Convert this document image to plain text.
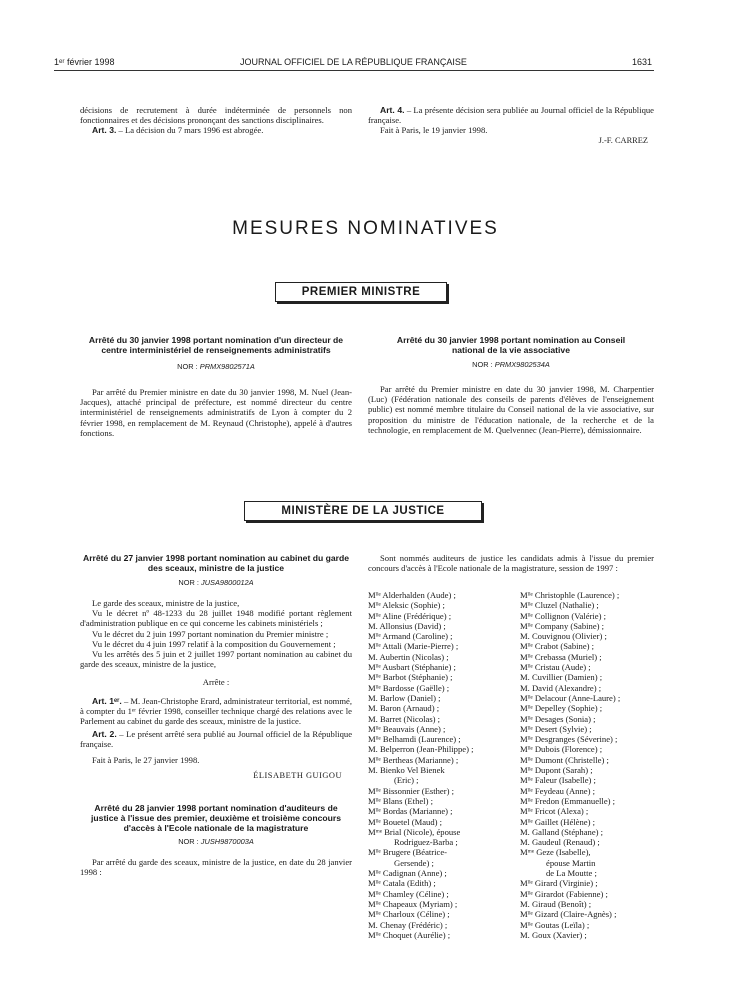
1ᵉʳ février 1998	JOURNAL OFFICIEL DE LA RÉPUBLIQUE FRANÇAISE	1631

décisions de recrutement à durée indéterminée de personnels non fonctionnaires et des décisions prononçant des sanctions disciplinaires.

Art. 3. – La décision du 7 mars 1996 est abrogée.

Art. 4. – La présente décision sera publiée au Journal officiel de la République française.

Fait à Paris, le 19 janvier 1998.

J.-F. CARREZ
MESURES NOMINATIVES
PREMIER MINISTRE

Arrêté du 30 janvier 1998 portant nomination d'un directeur de centre interministériel de renseignements administratifs

NOR : PRMX9802571A

Par arrêté du Premier ministre en date du 30 janvier 1998, M. Nuel (Jean-Jacques), attaché principal de préfecture, est nommé directeur du centre interministériel de renseignements administratifs de Lyon à compter du 2 février 1998, en remplacement de M. Reynaud (Christophe), appelé à d'autres fonctions.

Arrêté du 30 janvier 1998 portant nomination au Conseil national de la vie associative

NOR : PRMX9802534A

Par arrêté du Premier ministre en date du 30 janvier 1998, M. Charpentier (Luc) (Fédération nationale des conseils de parents d'élèves de l'enseignement public) est nommé membre titulaire du Conseil national de la vie associative, sur proposition du ministre de l'éducation nationale, de la recherche et de la technologie, en remplacement de M. Quelvennec (Jean-Pierre), démissionnaire.

MINISTÈRE DE LA JUSTICE

Arrêté du 27 janvier 1998 portant nomination au cabinet du garde des sceaux, ministre de la justice

NOR : JUSA9800012A

Le garde des sceaux, ministre de la justice,

Vu le décret nº 48-1233 du 28 juillet 1948 modifié portant règlement d'administration publique en ce qui concerne les cabinets ministériels ;

Vu le décret du 2 juin 1997 portant nomination du Premier ministre ;

Vu le décret du 4 juin 1997 relatif à la composition du Gouvernement ;

Vu les arrêtés des 5 juin et 2 juillet 1997 portant nomination au cabinet du garde des sceaux, ministre de la justice,

Arrête :

Art. 1ᵉʳ. – M. Jean-Christophe Erard, administrateur territorial, est nommé, à compter du 1ᵉʳ février 1998, conseiller technique chargé des relations avec le Parlement au cabinet du garde des sceaux, ministre de la justice.

Art. 2. – Le présent arrêté sera publié au Journal officiel de la République française.

Fait à Paris, le 27 janvier 1998.

ÉLISABETH GUIGOU

Arrêté du 28 janvier 1998 portant nomination d'auditeurs de justice à l'issue des premier, deuxième et troisième concours d'accès à l'Ecole nationale de la magistrature

NOR : JUSH9870003A

Par arrêté du garde des sceaux, ministre de la justice, en date du 28 janvier 1998 :

Sont nommés auditeurs de justice les candidats admis à l'issue du premier concours d'accès à l'Ecole nationale de la magistrature, session de 1997 :

Mˡˡᵉ Alderhalden (Aude) ;
Mˡˡᵉ Aleksic (Sophie) ;
Mˡˡᵉ Aline (Frédérique) ;
M. Allonsius (David) ;
Mˡˡᵉ Armand (Caroline) ;
Mˡˡᵉ Attali (Marie-Pierre) ;
M. Aubertin (Nicolas) ;
Mˡˡᵉ Ausbart (Stéphanie) ;
Mˡˡᵉ Barbot (Stéphanie) ;
Mˡˡᵉ Bardosse (Gaëlle) ;
M. Barlow (Daniel) ;
M. Baron (Arnaud) ;
M. Barret (Nicolas) ;
Mˡˡᵉ Beauvais (Anne) ;
Mˡˡᵉ Belhamdi (Laurence) ;
M. Belperron (Jean-Philippe) ;
Mˡˡᵉ Bertheas (Marianne) ;
M. Bienko Vel Bienek
(Eric) ;
Mˡˡᵉ Bissonnier (Esther) ;
Mˡˡᵉ Blans (Ethel) ;
Mˡˡᵉ Bordas (Marianne) ;
Mˡˡᵉ Bouetel (Maud) ;
Mᵐᵉ Brial (Nicole), épouse
Rodriguez-Barba ;
Mˡˡᵉ Brugere (Béatrice-
Gersende) ;
Mˡˡᵉ Cadignan (Anne) ;
Mˡˡᵉ Catala (Edith) ;
Mˡˡᵉ Chamley (Céline) ;
Mˡˡᵉ Chapeaux (Myriam) ;
Mˡˡᵉ Charloux (Céline) ;
M. Chenay (Frédéric) ;
Mˡˡᵉ Choquet (Aurélie) ;
Mˡˡᵉ Christophle (Laurence) ;
Mˡˡᵉ Cluzel (Nathalie) ;
Mˡˡᵉ Collignon (Valérie) ;
Mˡˡᵉ Company (Sabine) ;
M. Couvignou (Olivier) ;
Mˡˡᵉ Crabot (Sabine) ;
Mˡˡᵉ Crebassa (Muriel) ;
Mˡˡᵉ Cristau (Aude) ;
M. Cuvillier (Damien) ;
M. David (Alexandre) ;
Mˡˡᵉ Delacour (Anne-Laure) ;
Mˡˡᵉ Depelley (Sophie) ;
Mˡˡᵉ Desages (Sonia) ;
Mˡˡᵉ Desert (Sylvie) ;
Mˡˡᵉ Desgranges (Séverine) ;
Mˡˡᵉ Dubois (Florence) ;
Mˡˡᵉ Dumont (Christelle) ;
Mˡˡᵉ Dupont (Sarah) ;
Mˡˡᵉ Faleur (Isabelle) ;
Mˡˡᵉ Feydeau (Anne) ;
Mˡˡᵉ Fredon (Emmanuelle) ;
Mˡˡᵉ Fricot (Alexa) ;
Mˡˡᵉ Gaillet (Hélène) ;
M. Galland (Stéphane) ;
M. Gaudeul (Renaud) ;
Mᵐᵉ Geze (Isabelle),
épouse Martin
de La Moutte ;
Mˡˡᵉ Girard (Virginie) ;
Mˡˡᵉ Girardot (Fabienne) ;
M. Giraud (Benoît) ;
Mˡˡᵉ Gizard (Claire-Agnès) ;
Mˡˡᵉ Goutas (Leïla) ;
M. Goux (Xavier) ;
